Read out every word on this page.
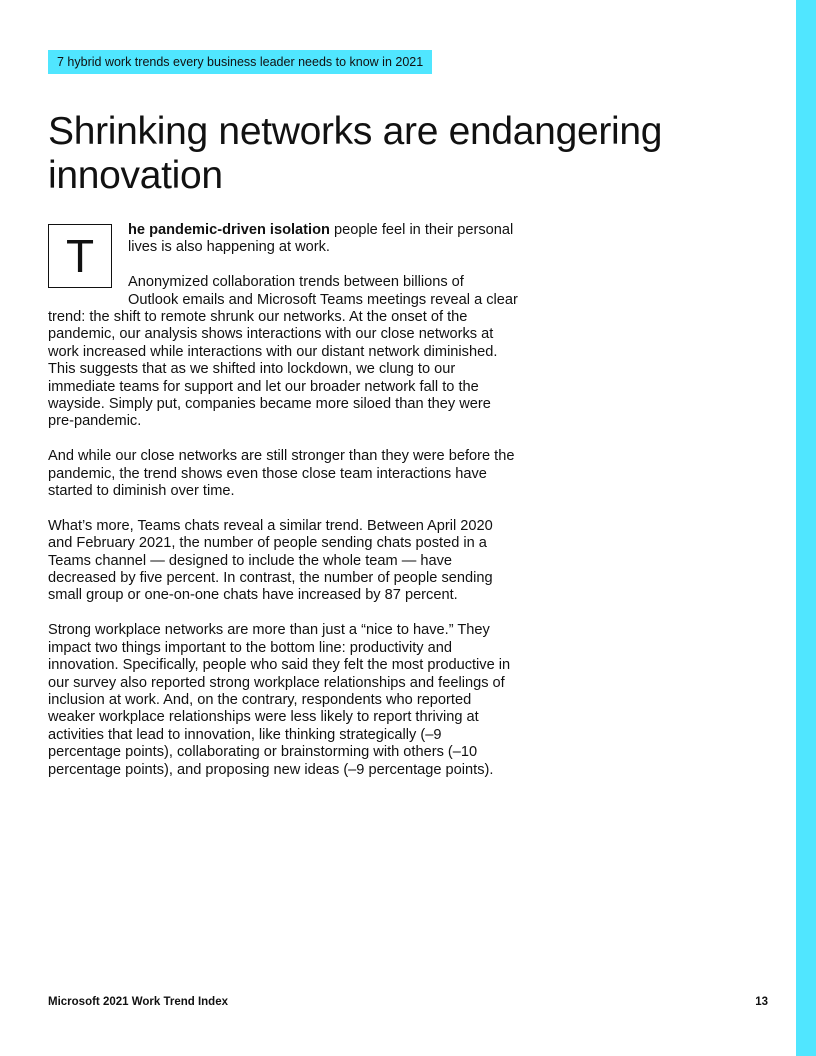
7 hybrid work trends every business leader needs to know in 2021
Shrinking networks are endangering innovation
T	he pandemic-driven isolation people feel in their personal lives is also happening at work.

Anonymized collaboration trends between billions of Outlook emails and Microsoft Teams meetings reveal a clear trend: the shift to remote shrunk our networks. At the onset of the pandemic, our analysis shows interactions with our close networks at work increased while interactions with our distant network diminished. This suggests that as we shifted into lockdown, we clung to our immediate teams for support and let our broader network fall to the wayside. Simply put, companies became more siloed than they were pre-pandemic.

And while our close networks are still stronger than they were before the pandemic, the trend shows even those close team interactions have started to diminish over time.

What’s more, Teams chats reveal a similar trend. Between April 2020 and February 2021, the number of people sending chats posted in a Teams channel — designed to include the whole team — have decreased by five percent. In contrast, the number of people sending small group or one-on-one chats have increased by 87 percent.

Strong workplace networks are more than just a “nice to have.” They impact two things important to the bottom line: productivity and innovation. Specifically, people who said they felt the most productive in our survey also reported strong workplace relationships and feelings of inclusion at work. And, on the contrary, respondents who reported weaker workplace relationships were less likely to report thriving at activities that lead to innovation, like thinking strategically (–9 percentage points), collaborating or brainstorming with others (–10 percentage points), and proposing new ideas (–9 percentage points).

Microsoft 2021 Work Trend Index	13
